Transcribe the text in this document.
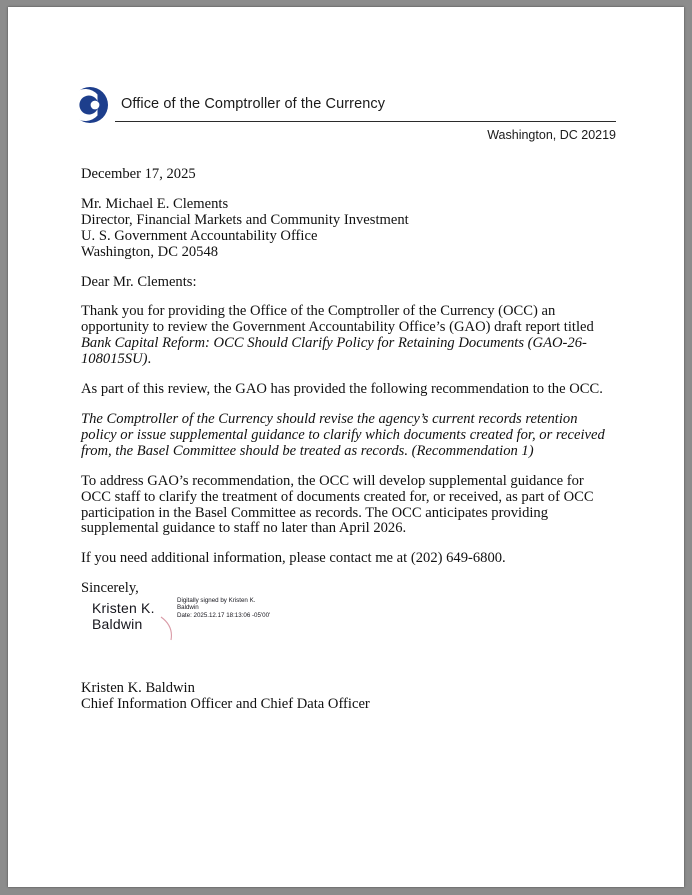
Office of the Comptroller of the Currency
Washington, DC 20219
December 17, 2025
Mr. Michael E. Clements
Director, Financial Markets and Community Investment
U. S. Government Accountability Office
Washington, DC 20548
Dear Mr. Clements:
Thank you for providing the Office of the Comptroller of the Currency (OCC) an opportunity to review the Government Accountability Office’s (GAO) draft report titled Bank Capital Reform: OCC Should Clarify Policy for Retaining Documents (GAO-26-108015SU).
As part of this review, the GAO has provided the following recommendation to the OCC.
The Comptroller of the Currency should revise the agency’s current records retention policy or issue supplemental guidance to clarify which documents created for, or received from, the Basel Committee should be treated as records. (Recommendation 1)
To address GAO’s recommendation, the OCC will develop supplemental guidance for OCC staff to clarify the treatment of documents created for, or received, as part of OCC participation in the Basel Committee as records. The OCC anticipates providing supplemental guidance to staff no later than April 2026.
If you need additional information, please contact me at (202) 649-6800.
Sincerely,
Kristen K.
Baldwin
Digitally signed by Kristen K. Baldwin
Date: 2025.12.17 18:13:06 -05'00'
Kristen K. Baldwin
Chief Information Officer and Chief Data Officer
